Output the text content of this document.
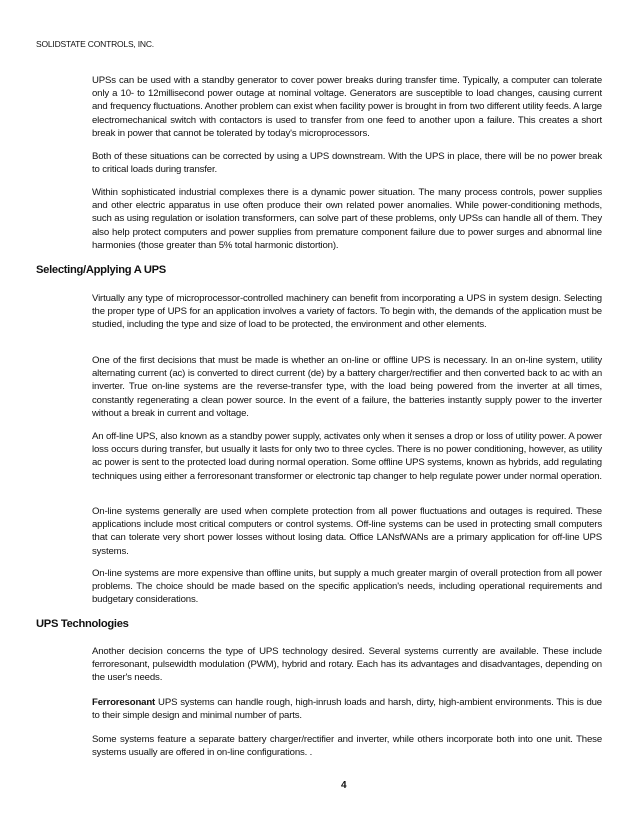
SOLIDSTATE CONTROLS, INC.

UPSs can be used with a standby generator to cover power breaks during transfer time. Typically, a computer can tolerate only a 10- to 12millisecond power outage at nominal voltage. Generators are susceptible to load changes, causing current and frequency fluctuations. Another problem can exist when facility power is brought in from two different utility feeds. A large electromechanical switch with contactors is used to transfer from one feed to another upon a failure. This creates a short break in power that cannot be tolerated by today's microprocessors.

Both of these situations can be corrected by using a UPS downstream. With the UPS in place, there will be no power break to critical loads during transfer.

Within sophisticated industrial complexes there is a dynamic power situation. The many process controls, power supplies and other electric apparatus in use often produce their own related power anomalies. While power-conditioning methods, such as using regulation or isolation transformers, can solve part of these problems, only UPSs can handle all of them. They also help protect computers and power supplies from premature component failure due to power surges and abnormal line harmonies (those greater than 5% total harmonic distortion).

Selecting/Applying A UPS

Virtually any type of microprocessor-controlled machinery can benefit from incorporating a UPS in system design. Selecting the proper type of UPS for an application involves a variety of factors. To begin with, the demands of the application must be studied, including the type and size of load to be protected, the environment and other elements.

One of the first decisions that must be made is whether an on-line or offline UPS is necessary. In an on-line system, utility alternating current (ac) is converted to direct current (de) by a battery charger/rectifier and then converted back to ac with an inverter. True on-line systems are the reverse-transfer type, with the load being powered from the inverter at all times, constantly regenerating a clean power source. In the event of a failure, the batteries instantly supply power to the inverter without a break in current and voltage.

An off-line UPS, also known as a standby power supply, activates only when it senses a drop or loss of utility power. A power loss occurs during transfer, but usually it lasts for only two to three cycles. There is no power conditioning, however, as utility ac power is sent to the protected load during normal operation. Some offline UPS systems, known as hybrids, add regulating techniques using either a ferroresonant transformer or electronic tap changer to help regulate power under normal operation.

On-line systems generally are used when complete protection from all power fluctuations and outages is required. These applications include most critical computers or control systems. Off-line systems can be used in protecting small computers that can tolerate very short power losses without losing data. Office LANsfWANs are a primary application for off-line UPS systems.

On-line systems are more expensive than offline units, but supply a much greater margin of overall protection from all power problems. The choice should be made based on the specific application's needs, including operational requirements and budgetary considerations.

UPS Technologies

Another decision concerns the type of UPS technology desired. Several systems currently are available. These include ferroresonant, pulsewidth modulation (PWM), hybrid and rotary. Each has its advantages and disadvantages, depending on the user's needs.

Ferroresonant UPS systems can handle rough, high-inrush loads and harsh, dirty, high-ambient environments. This is due to their simple design and minimal number of parts.

Some systems feature a separate battery charger/rectifier and inverter, while others incorporate both into one unit. These systems usually are offered in on-line configurations. .

4
